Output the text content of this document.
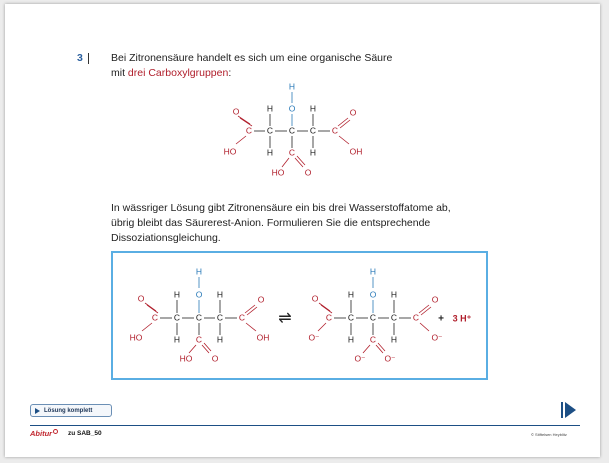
3	Bei Zitronensäure handelt es sich um eine organische Säure
mit drei Carboxylgruppen:
H
O
H	H
C C C C C
O
HO
O
OH
H	H
C
HO O
In wässriger Lösung gibt Zitronensäure ein bis drei Wasserstoffatome ab,
übrig bleibt das Säurerest-Anion. Formulieren Sie die entsprechende
Dissoziationsgleichung.
H
O
H	H
C C C C C
O
HO
O
OH
H	H
C
HO O
⇌
H
O
H	H
C C C C C
O
O⁻
O
O⁻
H	H
C
O⁻ O⁻
+ 3 H⁺
Lösung komplett
Abitur	zu SAB_50	© Stiftelsen Heyblitz
